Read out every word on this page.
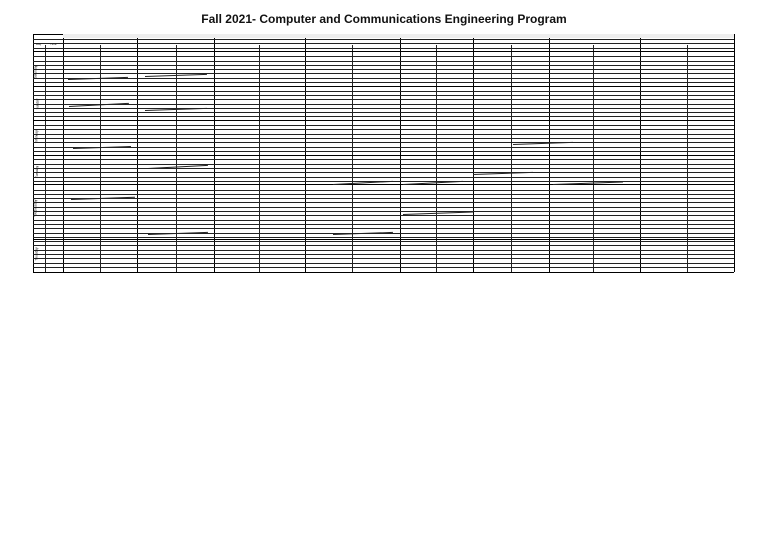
Fall 2021- Computer and Communications Engineering Program
Day	Time
Saturday
Sunday
Monday
Tuesday
Wednesday
Thursday
